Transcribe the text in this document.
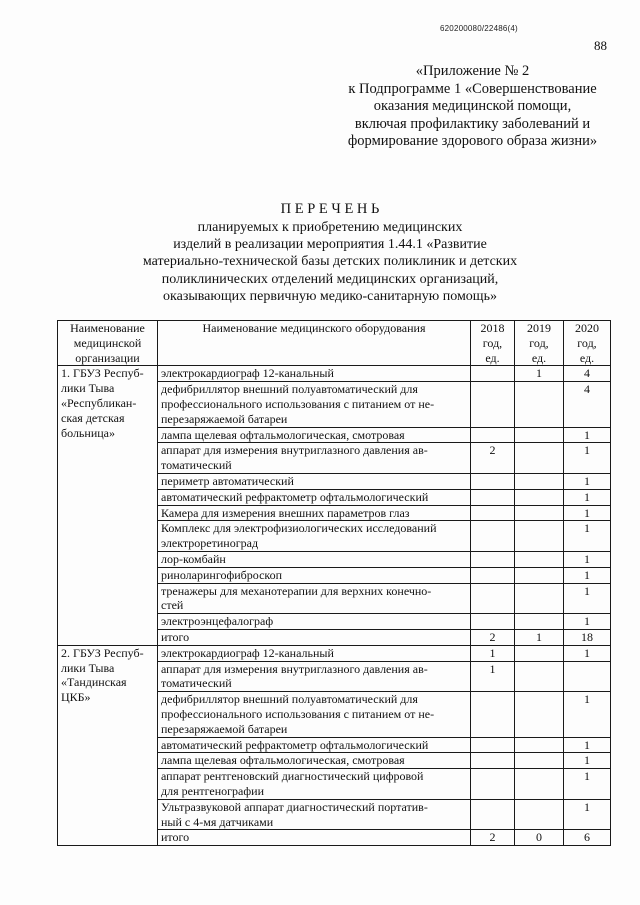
620200080/22486(4)
88
«Приложение № 2
к Подпрограмме 1 «Совершенствование
оказания медицинской помощи,
включая профилактику заболеваний и
формирование здорового образа жизни»
П Е Р Е Ч Е Н Ь
планируемых к приобретению медицинских
изделий в реализации мероприятия 1.44.1 «Развитие
материально-технической базы детских поликлиник и детских
поликлинических отделений медицинских организаций,
оказывающих первичную медико-санитарную помощь»
Наименование
медицинской
организации	Наименование медицинского оборудования	2018
год,
ед.	2019
год,
ед.	2020
год,
ед.
1. ГБУЗ Респуб-
лики Тыва
«Республикан-
ская детская
больница»	электрокардиограф 12-канальный		1	4
	дефибриллятор внешний полуавтоматический для
профессионального использования с питанием от не-
перезаряжаемой батареи			4
	лампа щелевая офтальмологическая, смотровая			1
	аппарат для измерения внутриглазного давления ав-
томатический	2		1
	периметр автоматический			1
	автоматический рефрактометр офтальмологический			1
	Камера для измерения внешних параметров глаз			1
	Комплекс для электрофизиологических исследований
электроретиноград			1
	лор-комбайн			1
	риноларингофиброскоп			1
	тренажеры для механотерапии для верхних конечно-
стей			1
	электроэнцефалограф			1
	итого	2	1	18
2. ГБУЗ Респуб-
лики Тыва
«Тандинская
ЦКБ»	электрокардиограф 12-канальный	1		1
	аппарат для измерения внутриглазного давления ав-
томатический	1		
	дефибриллятор внешний полуавтоматический для
профессионального использования с питанием от не-
перезаряжаемой батареи			1
	автоматический рефрактометр офтальмологический			1
	лампа щелевая офтальмологическая, смотровая			1
	аппарат рентгеновский диагностический цифровой
для рентгенографии			1
	Ультразвуковой аппарат диагностический портатив-
ный с 4-мя датчиками			1
	итого	2	0	6
